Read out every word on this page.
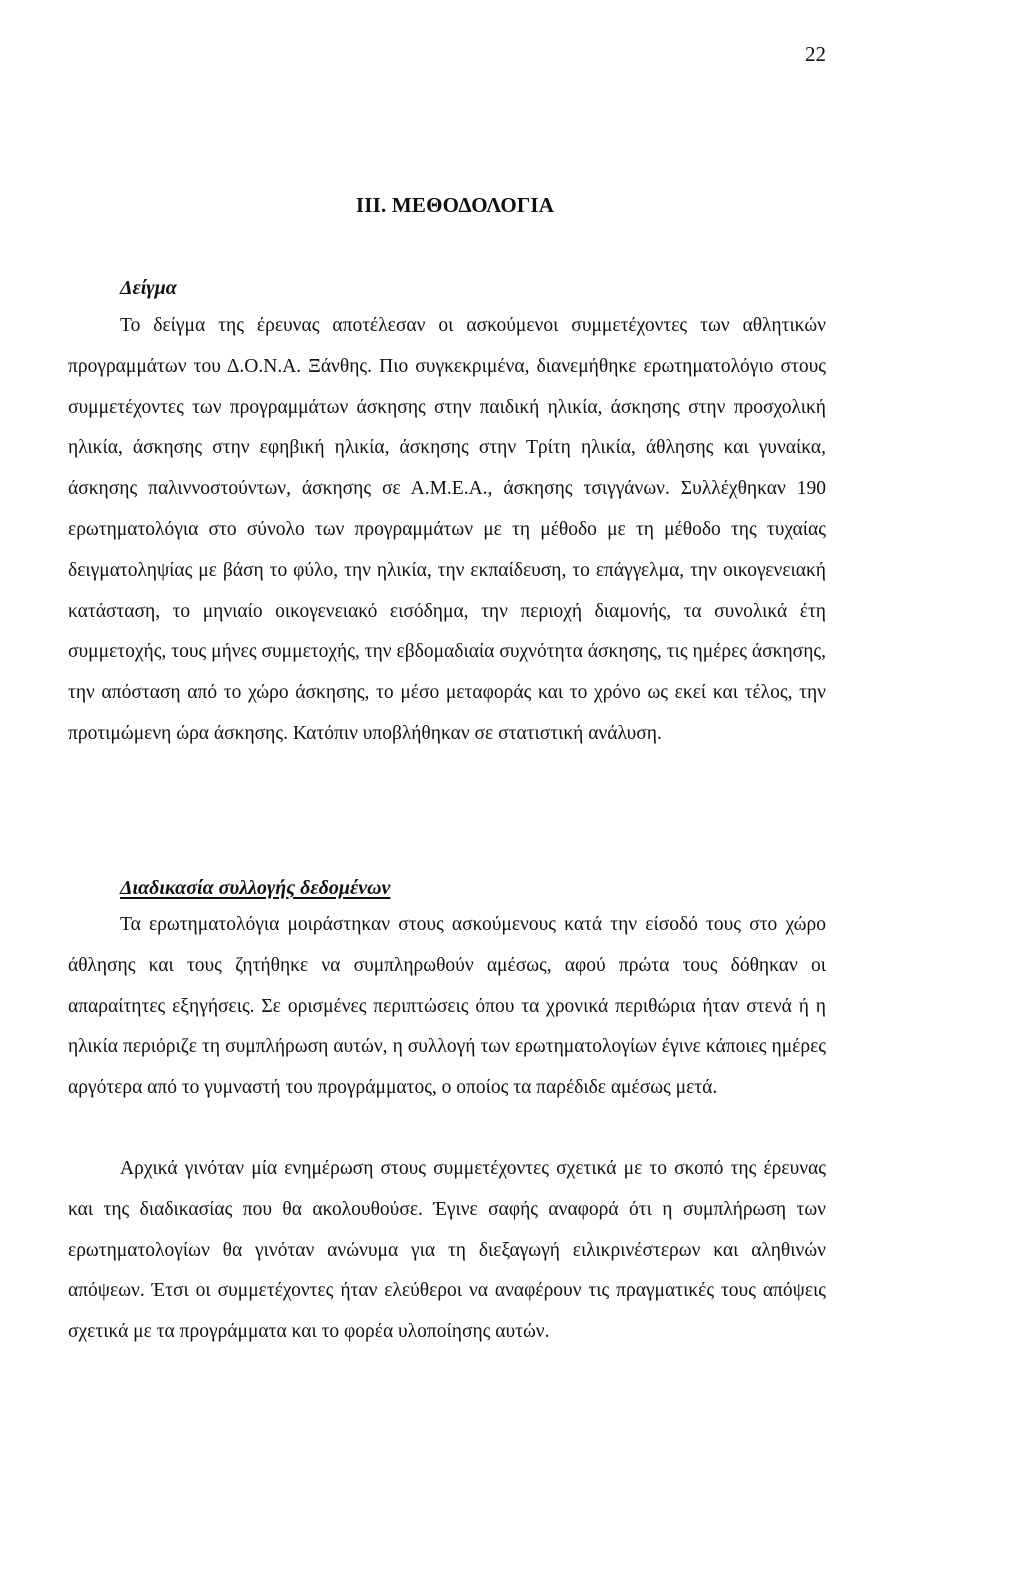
22
III. ΜΕΘΟΔΟΛΟΓΙΑ
Δείγμα

Το δείγμα της έρευνας αποτέλεσαν οι ασκούμενοι συμμετέχοντες των αθλητικών προγραμμάτων του Δ.Ο.Ν.Α. Ξάνθης. Πιο συγκεκριμένα, διανεμήθηκε ερωτηματολόγιο στους συμμετέχοντες των προγραμμάτων άσκησης στην παιδική ηλικία, άσκησης στην προσχολική ηλικία, άσκησης στην εφηβική ηλικία, άσκησης στην Τρίτη ηλικία, άθλησης και γυναίκα, άσκησης παλιννοστούντων, άσκησης σε Α.Μ.Ε.Α., άσκησης τσιγγάνων. Συλλέχθηκαν 190 ερωτηματολόγια στο σύνολο των προγραμμάτων με τη μέθοδο με τη μέθοδο της τυχαίας δειγματοληψίας με βάση το φύλο, την ηλικία, την εκπαίδευση, το επάγγελμα, την οικογενειακή κατάσταση, το μηνιαίο οικογενειακό εισόδημα, την περιοχή διαμονής, τα συνολικά έτη συμμετοχής, τους μήνες συμμετοχής, την εβδομαδιαία συχνότητα άσκησης, τις ημέρες άσκησης, την απόσταση από το χώρο άσκησης, το μέσο μεταφοράς και το χρόνο ως εκεί και τέλος, την προτιμώμενη ώρα άσκησης. Κατόπιν υποβλήθηκαν σε στατιστική ανάλυση.

Διαδικασία συλλογής δεδομένων

Τα ερωτηματολόγια μοιράστηκαν στους ασκούμενους κατά την είσοδό τους στο χώρο άθλησης και τους ζητήθηκε να συμπληρωθούν αμέσως, αφού πρώτα τους δόθηκαν οι απαραίτητες εξηγήσεις. Σε ορισμένες περιπτώσεις όπου τα χρονικά περιθώρια ήταν στενά ή η ηλικία περιόριζε τη συμπλήρωση αυτών, η συλλογή των ερωτηματολογίων έγινε κάποιες ημέρες αργότερα από το γυμναστή του προγράμματος, ο οποίος τα παρέδιδε αμέσως μετά.

Αρχικά γινόταν μία ενημέρωση στους συμμετέχοντες σχετικά με το σκοπό της έρευνας και της διαδικασίας που θα ακολουθούσε. Έγινε σαφής αναφορά ότι η συμπλήρωση των ερωτηματολογίων θα γινόταν ανώνυμα για τη διεξαγωγή ειλικρινέστερων και αληθινών απόψεων. Έτσι οι συμμετέχοντες ήταν ελεύθεροι να αναφέρουν τις πραγματικές τους απόψεις σχετικά με τα προγράμματα και το φορέα υλοποίησης αυτών.
